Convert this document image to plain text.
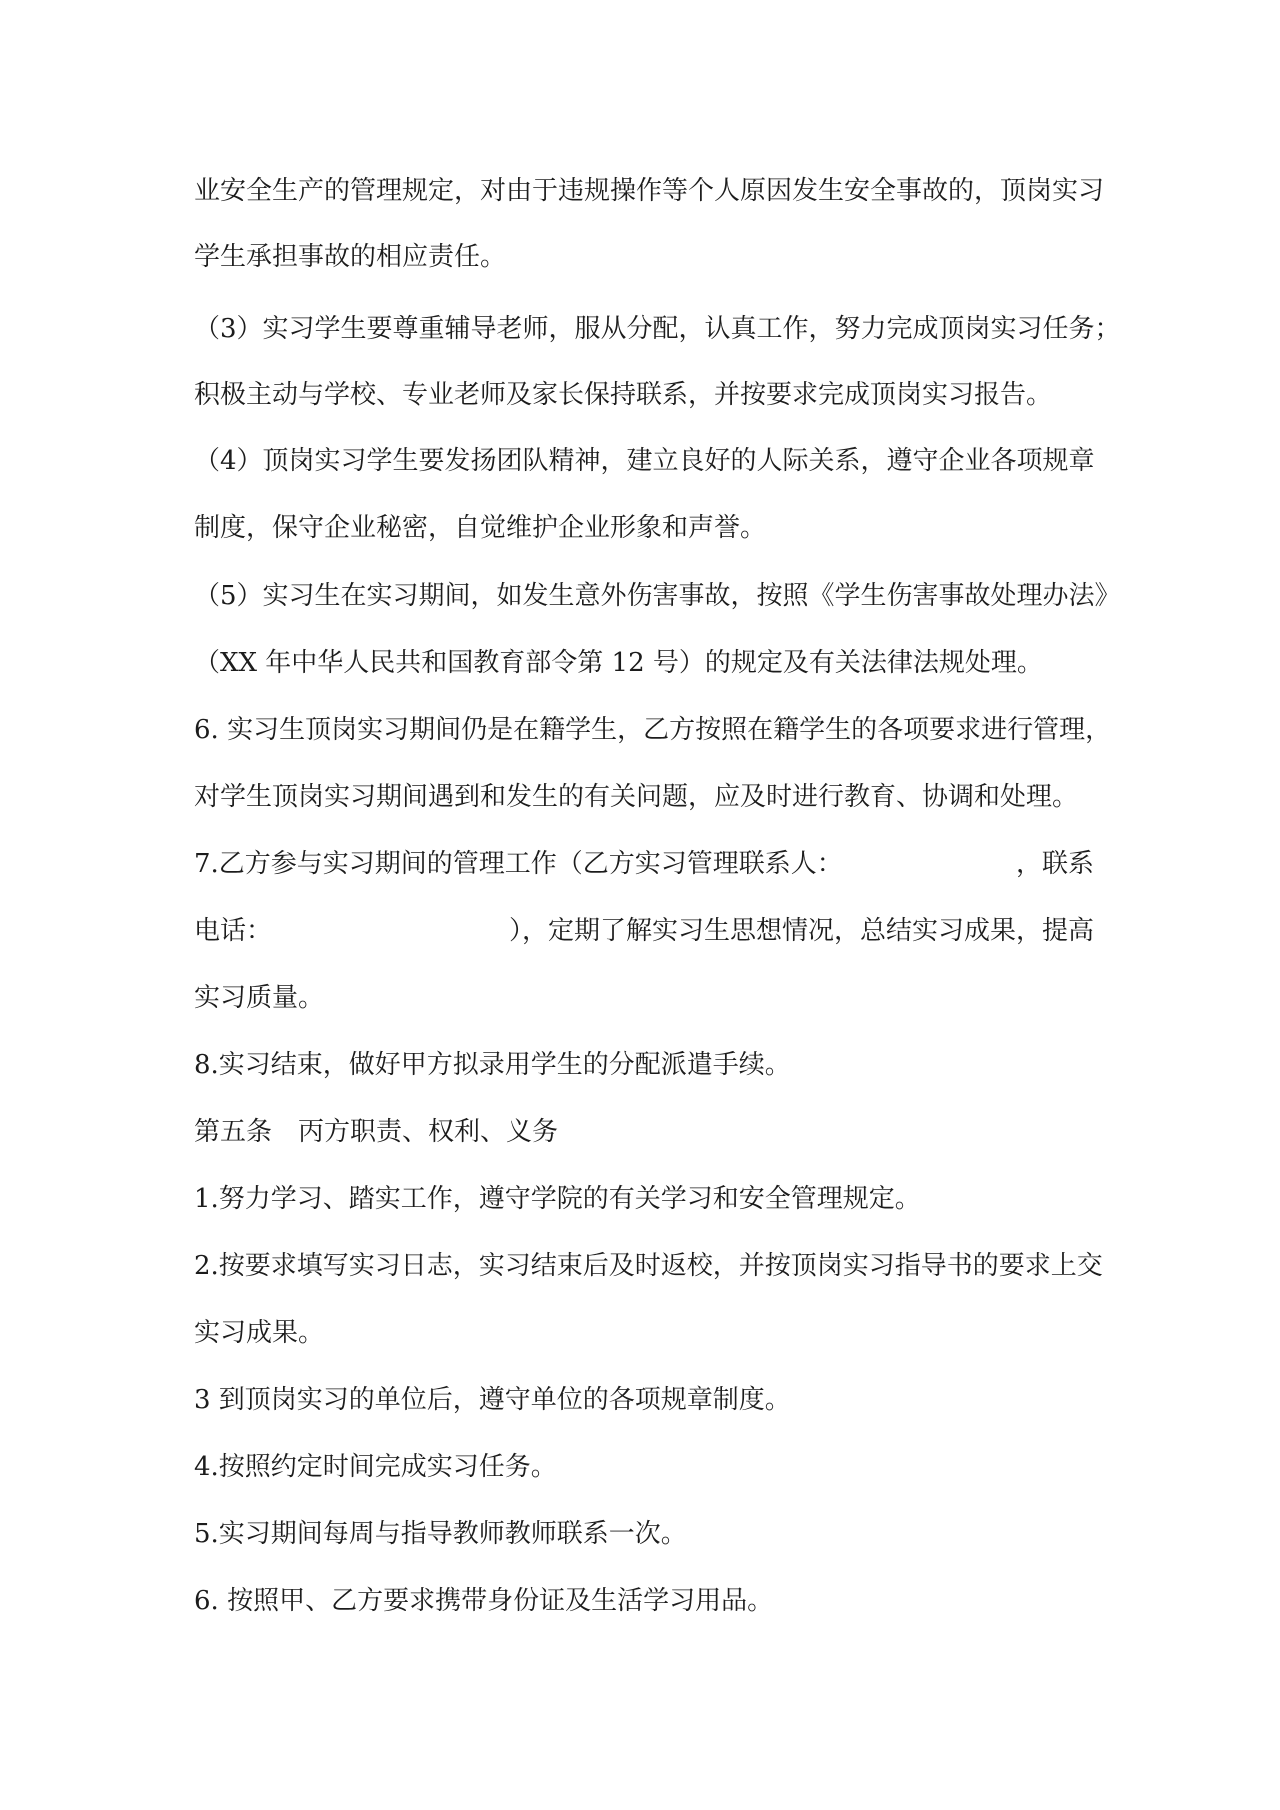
业安全生产的管理规定，对由于违规操作等个人原因发生安全事故的，顶岗实习
学生承担事故的相应责任。
（3）实习学生要尊重辅导老师，服从分配，认真工作，努力完成顶岗实习任务；
积极主动与学校、专业老师及家长保持联系，并按要求完成顶岗实习报告。
（4）顶岗实习学生要发扬团队精神，建立良好的人际关系，遵守企业各项规章
制度，保守企业秘密，自觉维护企业形象和声誉。
（5）实习生在实习期间，如发生意外伤害事故，按照《学生伤害事故处理办法》
（XX 年中华人民共和国教育部令第 12 号）的规定及有关法律法规处理。
6. 实习生顶岗实习期间仍是在籍学生，乙方按照在籍学生的各项要求进行管理，
对学生顶岗实习期间遇到和发生的有关问题，应及时进行教育、协调和处理。
7.乙方参与实习期间的管理工作（乙方实习管理联系人：	，联系
电话：	），定期了解实习生思想情况，总结实习成果，提高
实习质量。
8.实习结束，做好甲方拟录用学生的分配派遣手续。
第五条　丙方职责、权利、义务
1.努力学习、踏实工作，遵守学院的有关学习和安全管理规定。
2.按要求填写实习日志，实习结束后及时返校，并按顶岗实习指导书的要求上交
实习成果。
3 到顶岗实习的单位后，遵守单位的各项规章制度。
4.按照约定时间完成实习任务。
5.实习期间每周与指导教师教师联系一次。
6. 按照甲、乙方要求携带身份证及生活学习用品。
